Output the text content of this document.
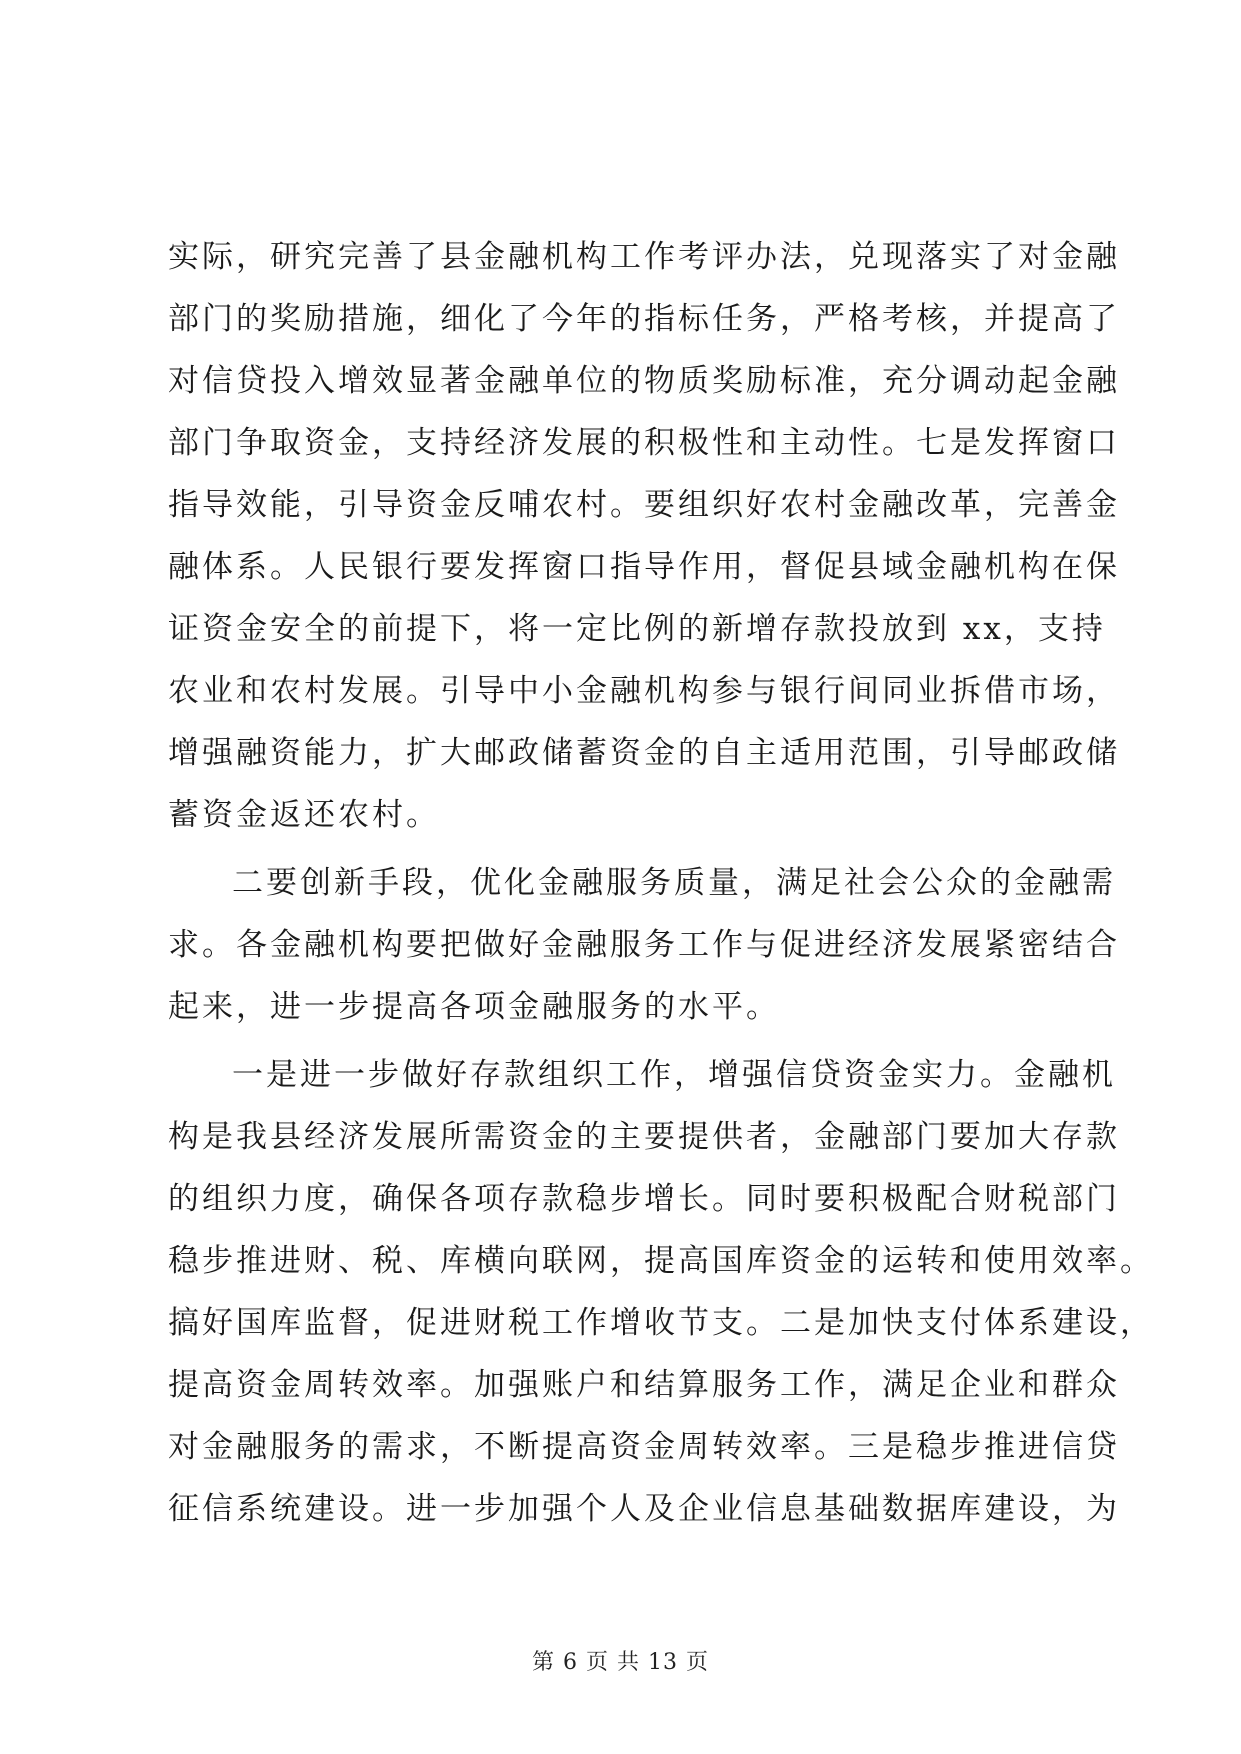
实际，研究完善了县金融机构工作考评办法，兑现落实了对金融
部门的奖励措施，细化了今年的指标任务，严格考核，并提高了
对信贷投入增效显著金融单位的物质奖励标准，充分调动起金融
部门争取资金，支持经济发展的积极性和主动性。七是发挥窗口
指导效能，引导资金反哺农村。要组织好农村金融改革，完善金
融体系。人民银行要发挥窗口指导作用，督促县域金融机构在保
证资金安全的前提下，将一定比例的新增存款投放到 xx，支持
农业和农村发展。引导中小金融机构参与银行间同业拆借市场，
增强融资能力，扩大邮政储蓄资金的自主适用范围，引导邮政储
蓄资金返还农村。
二要创新手段，优化金融服务质量，满足社会公众的金融需
求。各金融机构要把做好金融服务工作与促进经济发展紧密结合
起来，进一步提高各项金融服务的水平。
一是进一步做好存款组织工作，增强信贷资金实力。金融机
构是我县经济发展所需资金的主要提供者，金融部门要加大存款
的组织力度，确保各项存款稳步增长。同时要积极配合财税部门
稳步推进财、税、库横向联网，提高国库资金的运转和使用效率。
搞好国库监督，促进财税工作增收节支。二是加快支付体系建设，
提高资金周转效率。加强账户和结算服务工作，满足企业和群众
对金融服务的需求，不断提高资金周转效率。三是稳步推进信贷
征信系统建设。进一步加强个人及企业信息基础数据库建设，为
第 6 页 共 13 页
